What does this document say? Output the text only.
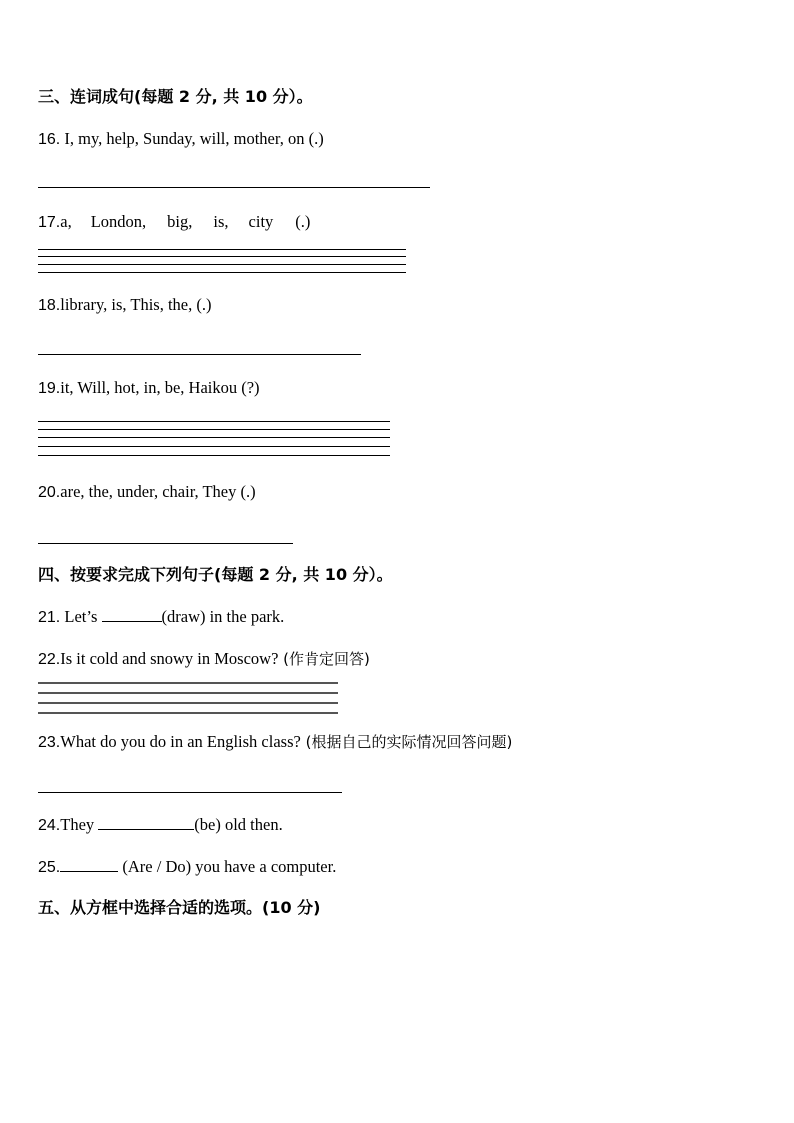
三、连词成句(每题 2 分, 共 10 分）。
16. I, my, help, Sunday, will, mother, on (.)
17.a, London, big, is, city (.)
18.library, is, This, the, (.)
19.it, Will, hot, in, be, Haikou (?)
20.are, the, under, chair, They (.)
四、按要求完成下列句子(每题 2 分, 共 10 分）。
21. Let’s	(draw) in the park.
22.Is it cold and snowy in Moscow? (作肯定回答)
23.What do you do in an English class? (根据自己的实际情况回答问题)
24.They	(be) old then.
25.	(Are / Do) you have a computer.
五、从方框中选择合适的选项。(10 分)
